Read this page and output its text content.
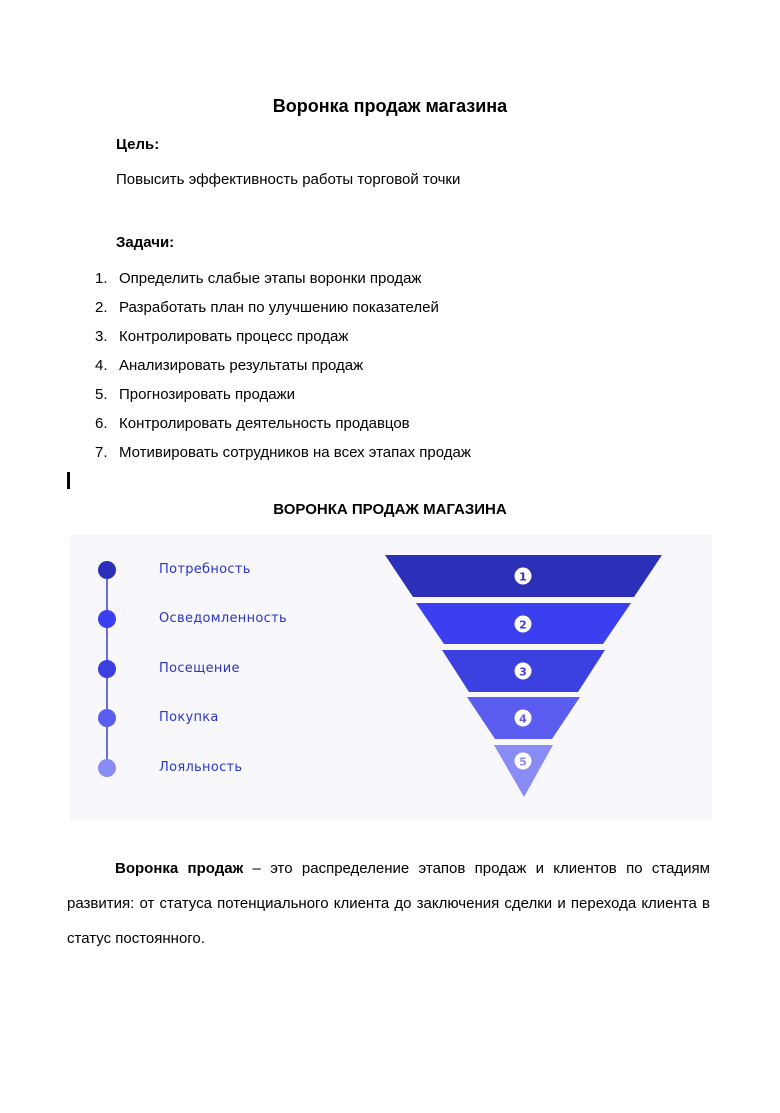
Воронка продаж магазина
Цель:
Повысить эффективность работы торговой точки
Задачи:
1. Определить слабые этапы воронки продаж
2. Разработать план по улучшению показателей
3. Контролировать процесс продаж
4. Анализировать результаты продаж
5. Прогнозировать продажи
6. Контролировать деятельность продавцов
7. Мотивировать сотрудников на всех этапах продаж
ВОРОНКА ПРОДАЖ МАГАЗИНА
1
2
3
4
5
Потребность
Осведомленность
Посещение
Покупка
Лояльность

Воронка продаж – это распределение этапов продаж и клиентов по стадиям развития: от статуса потенциального клиента до заключения сделки и перехода клиента в статус постоянного.
